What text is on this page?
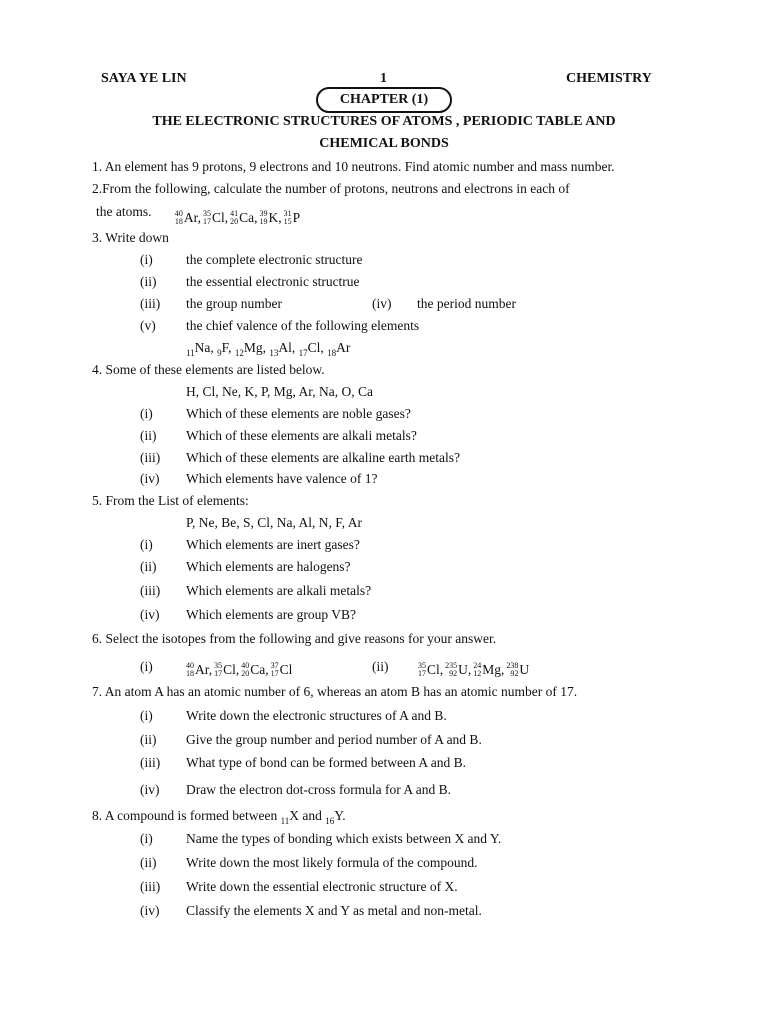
SAYA YE LIN	1	CHEMISTRY
CHAPTER (1)
THE ELECTRONIC STRUCTURES OF ATOMS , PERIODIC TABLE AND
CHEMICAL BONDS
1. An element has 9 protons, 9 electrons and 10 neutrons. Find atomic number and mass number.
2.From the following, calculate the number of protons, neutrons and electrons in each of
the atoms.	40
18 Ar, 35
17 Cl, 41
20 Ca, 39
19 K, 31
15 P
3. Write down
(i) the complete electronic structure
(ii) the essential electronic structrue
(iii) the group number	(iv) the period number
(v) the chief valence of the following elements
$_{11}$Na, $_9$F, $_{12}$Mg, $_{13}$Al, $_{17}$Cl, $_{18}$Ar
4. Some of these elements are listed below.
H, Cl, Ne, K, P, Mg, Ar, Na, O, Ca
(i) Which of these elements are noble gases?
(ii) Which of these elements are alkali metals?
(iii) Which of these elements are alkaline earth metals?
(iv) Which elements have valence of 1?
5. From the List of elements:
P, Ne, Be, S, Cl, Na, Al, N, F, Ar
(i) Which elements are inert gases?
(ii) Which elements are halogens?
(iii) Which elements are alkali metals?
(iv) Which elements are group VB?
6. Select the isotopes from the following and give reasons for your answer.
(i)	40
18 Ar, 35
17 Cl, 40
20 Ca, 37
17 Cl	(ii)	35
17 Cl, 235
92 U, 24
12 Mg, 238
92 U
7. An atom A has an atomic number of 6, whereas an atom B has an atomic number of 17.
(i) Write down the electronic structures of A and B.
(ii) Give the group number and period number of A and B.
(iii) What type of bond can be formed between A and B.
(iv) Draw the electron dot-cross formula for A and B.
8. A compound is formed between $_{11}$X and $_{16}$Y.
(i) Name the types of bonding which exists between X and Y.
(ii) Write down the most likely formula of the compound.
(iii) Write down the essential electronic structure of X.
(iv) Classify the elements X and Y as metal and non-metal.
